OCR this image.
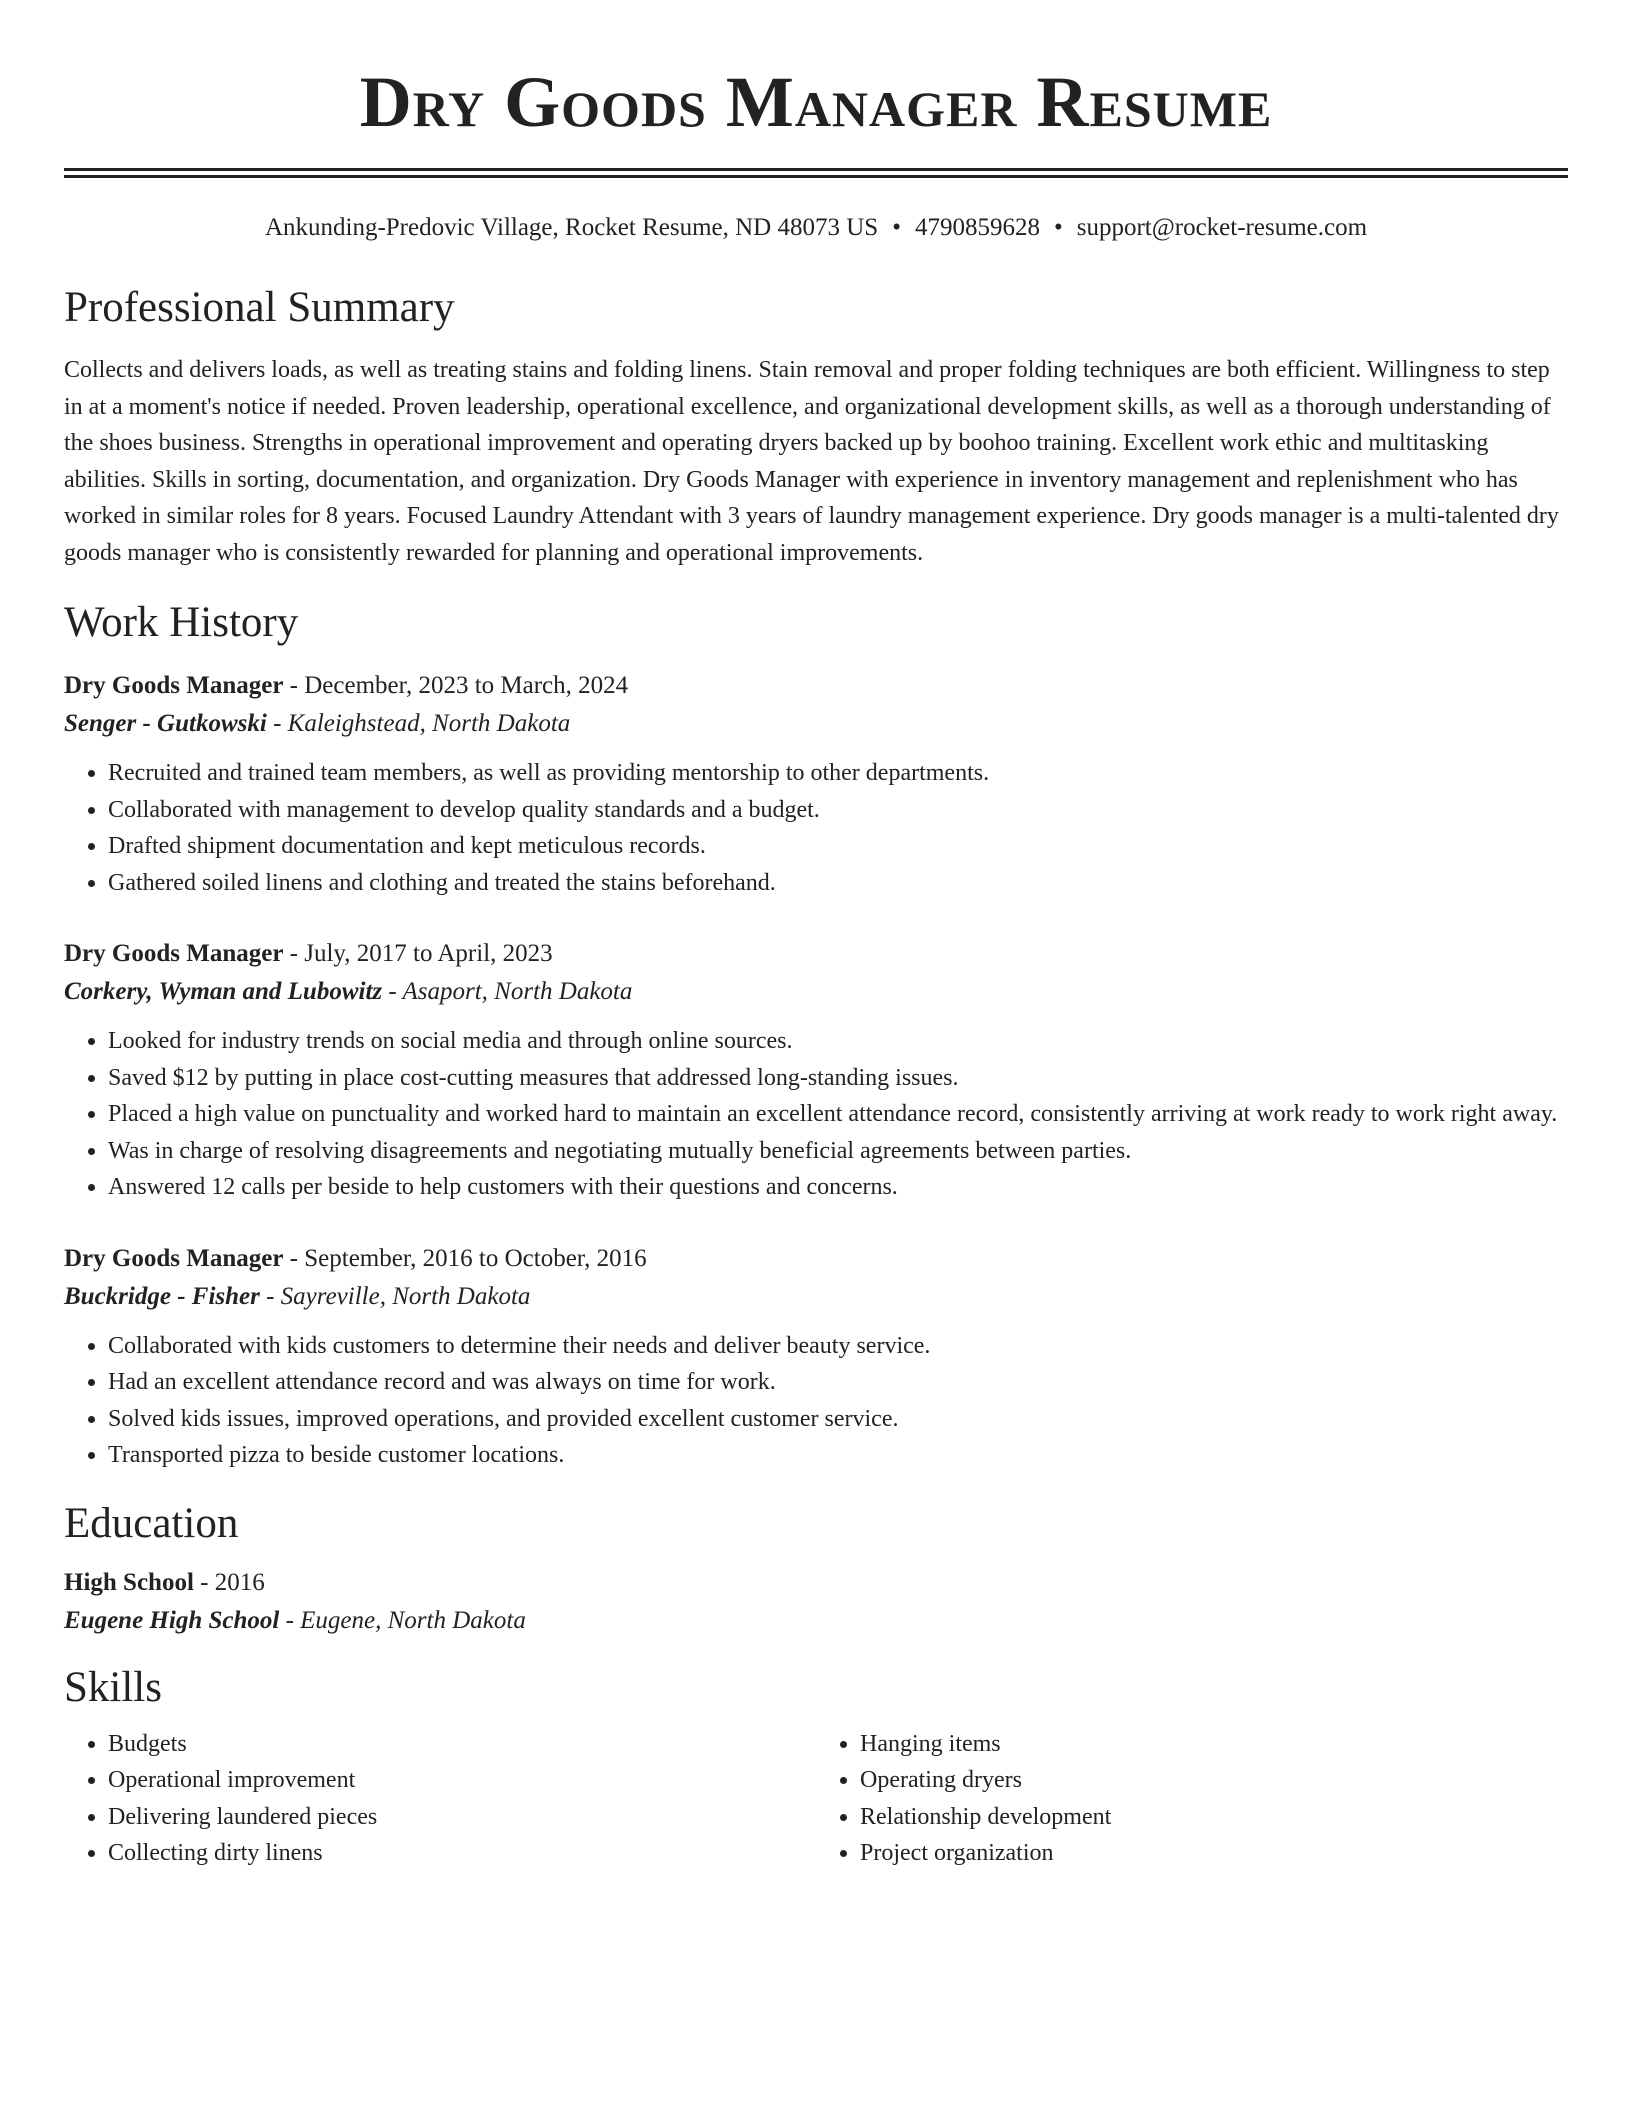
Dry Goods Manager Resume
Ankunding-Predovic Village, Rocket Resume, ND 48073 US • 4790859628 • support@rocket-resume.com
Professional Summary
Collects and delivers loads, as well as treating stains and folding linens. Stain removal and proper folding techniques are both efficient. Willingness to step in at a moment's notice if needed. Proven leadership, operational excellence, and organizational development skills, as well as a thorough understanding of the shoes business. Strengths in operational improvement and operating dryers backed up by boohoo training. Excellent work ethic and multitasking abilities. Skills in sorting, documentation, and organization. Dry Goods Manager with experience in inventory management and replenishment who has worked in similar roles for 8 years. Focused Laundry Attendant with 3 years of laundry management experience. Dry goods manager is a multi-talented dry goods manager who is consistently rewarded for planning and operational improvements.
Work History
Dry Goods Manager - December, 2023 to March, 2024
Senger - Gutkowski - Kaleighstead, North Dakota
• Recruited and trained team members, as well as providing mentorship to other departments.
• Collaborated with management to develop quality standards and a budget.
• Drafted shipment documentation and kept meticulous records.
• Gathered soiled linens and clothing and treated the stains beforehand.
Dry Goods Manager - July, 2017 to April, 2023
Corkery, Wyman and Lubowitz - Asaport, North Dakota
• Looked for industry trends on social media and through online sources.
• Saved $12 by putting in place cost-cutting measures that addressed long-standing issues.
• Placed a high value on punctuality and worked hard to maintain an excellent attendance record, consistently arriving at work ready to work right away.
• Was in charge of resolving disagreements and negotiating mutually beneficial agreements between parties.
• Answered 12 calls per beside to help customers with their questions and concerns.
Dry Goods Manager - September, 2016 to October, 2016
Buckridge - Fisher - Sayreville, North Dakota
• Collaborated with kids customers to determine their needs and deliver beauty service.
• Had an excellent attendance record and was always on time for work.
• Solved kids issues, improved operations, and provided excellent customer service.
• Transported pizza to beside customer locations.
Education
High School - 2016
Eugene High School - Eugene, North Dakota
Skills
• Budgets
• Operational improvement
• Delivering laundered pieces
• Collecting dirty linens
• Hanging items
• Operating dryers
• Relationship development
• Project organization
